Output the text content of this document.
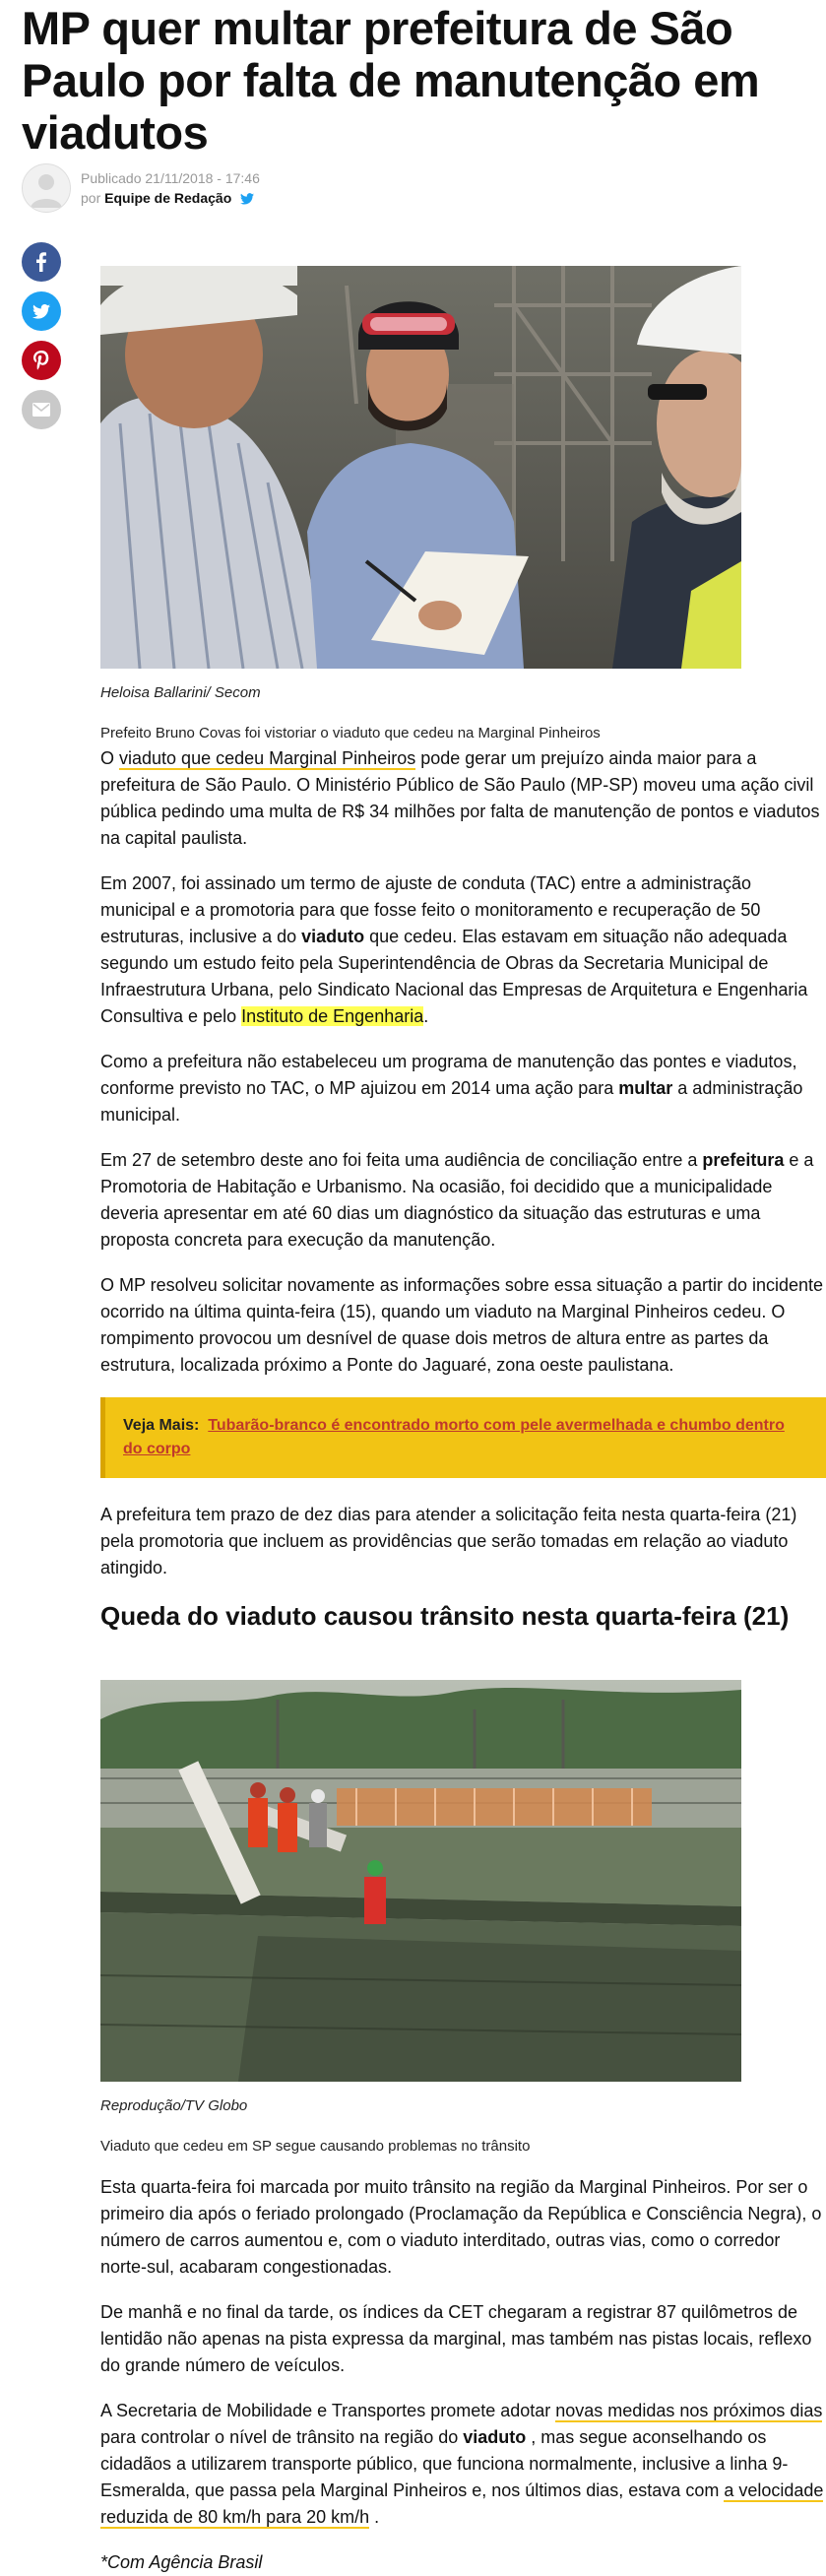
MP quer multar prefeitura de São Paulo por falta de manutenção em viadutos
Publicado 21/11/2018 - 17:46
por Equipe de Redação

Heloisa Ballarini/ Secom

Prefeito Bruno Covas foi vistoriar o viaduto que cedeu na Marginal Pinheiros

O viaduto que cedeu Marginal Pinheiros pode gerar um prejuízo ainda maior para a prefeitura de São Paulo. O Ministério Público de São Paulo (MP-SP) moveu uma ação civil pública pedindo uma multa de R$ 34 milhões por falta de manutenção de pontos e viadutos na capital paulista.

Em 2007, foi assinado um termo de ajuste de conduta (TAC) entre a administração municipal e a promotoria para que fosse feito o monitoramento e recuperação de 50 estruturas, inclusive a do viaduto que cedeu. Elas estavam em situação não adequada segundo um estudo feito pela Superintendência de Obras da Secretaria Municipal de Infraestrutura Urbana, pelo Sindicato Nacional das Empresas de Arquitetura e Engenharia Consultiva e pelo Instituto de Engenharia.

Como a prefeitura não estabeleceu um programa de manutenção das pontes e viadutos, conforme previsto no TAC, o MP ajuizou em 2014 uma ação para multar a administração municipal.

Em 27 de setembro deste ano foi feita uma audiência de conciliação entre a prefeitura e a Promotoria de Habitação e Urbanismo. Na ocasião, foi decidido que a municipalidade deveria apresentar em até 60 dias um diagnóstico da situação das estruturas e uma proposta concreta para execução da manutenção.

O MP resolveu solicitar novamente as informações sobre essa situação a partir do incidente ocorrido na última quinta-feira (15), quando um viaduto na Marginal Pinheiros cedeu. O rompimento provocou um desnível de quase dois metros de altura entre as partes da estrutura, localizada próximo a Ponte do Jaguaré, zona oeste paulistana.

Veja Mais: Tubarão-branco é encontrado morto com pele avermelhada e chumbo dentro do corpo

A prefeitura tem prazo de dez dias para atender a solicitação feita nesta quarta-feira (21) pela promotoria que incluem as providências que serão tomadas em relação ao viaduto atingido.

Queda do viaduto causou trânsito nesta quarta-feira (21)

Reprodução/TV Globo

Viaduto que cedeu em SP segue causando problemas no trânsito

Esta quarta-feira foi marcada por muito trânsito na região da Marginal Pinheiros. Por ser o primeiro dia após o feriado prolongado (Proclamação da República e Consciência Negra), o número de carros aumentou e, com o viaduto interditado, outras vias, como o corredor norte-sul, acabaram congestionadas.

De manhã e no final da tarde, os índices da CET chegaram a registrar 87 quilômetros de lentidão não apenas na pista expressa da marginal, mas também nas pistas locais, reflexo do grande número de veículos.

A Secretaria de Mobilidade e Transportes promete adotar novas medidas nos próximos dias para controlar o nível de trânsito na região do viaduto , mas segue aconselhando os cidadãos a utilizarem transporte público, que funciona normalmente, inclusive a linha 9-Esmeralda, que passa pela Marginal Pinheiros e, nos últimos dias, estava com a velocidade reduzida de 80 km/h para 20 km/h .

*Com Agência Brasil
